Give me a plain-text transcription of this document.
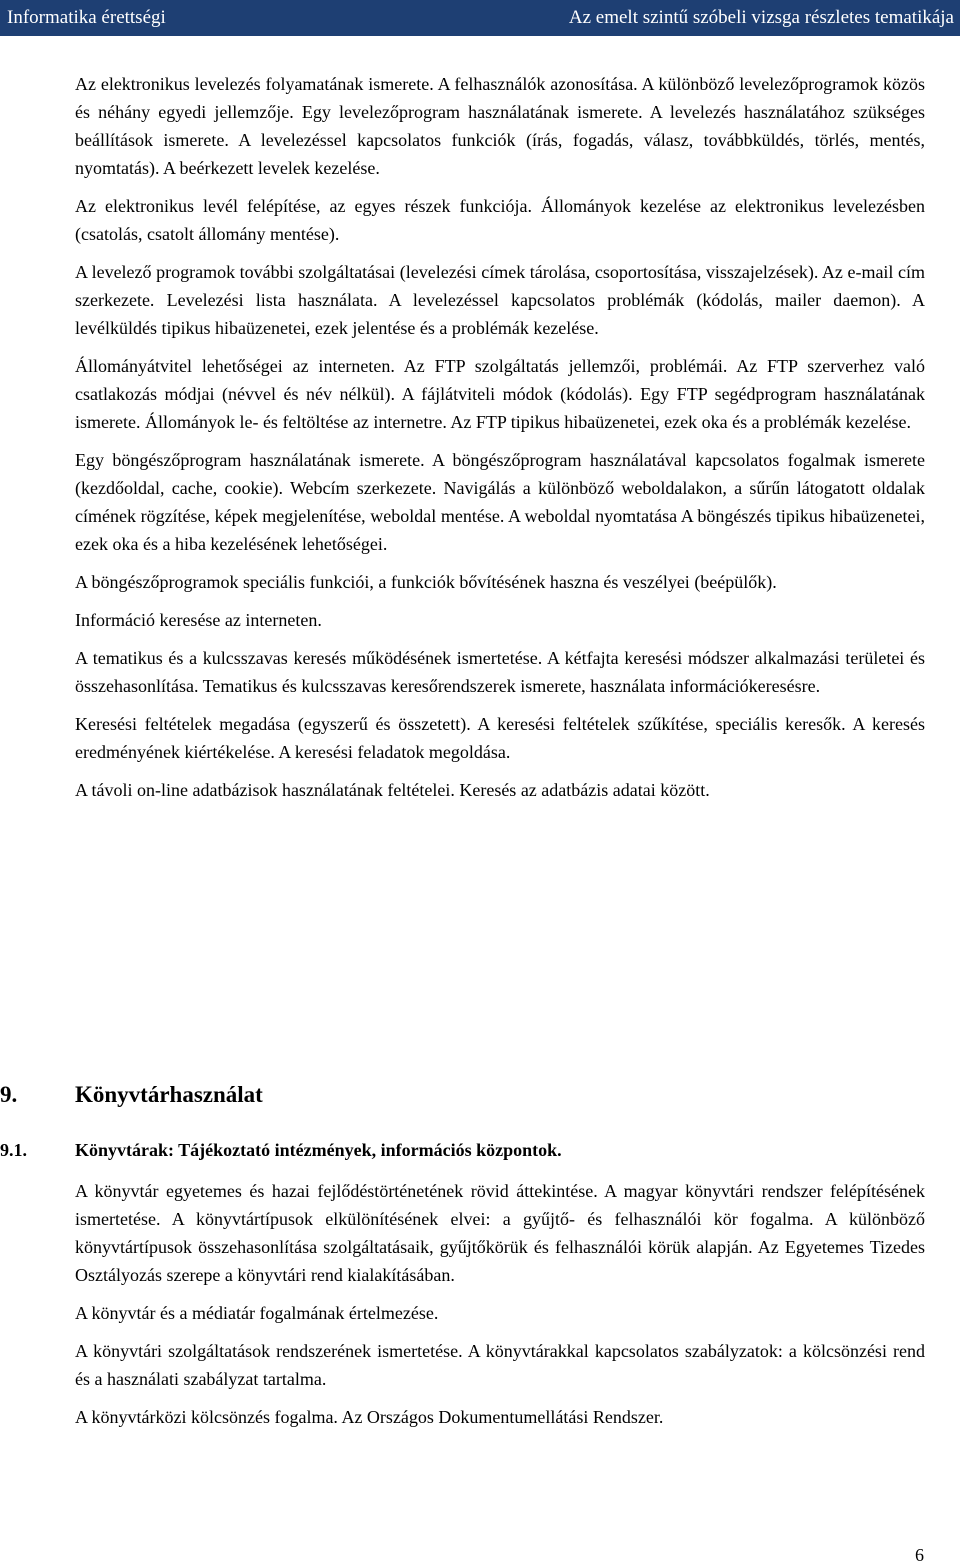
Informatika érettségi	Az emelt szintű szóbeli vizsga részletes tematikája

Az elektronikus levelezés folyamatának ismerete. A felhasználók azonosítása. A különböző levelezőprogramok közös és néhány egyedi jellemzője. Egy levelezőprogram használatának ismerete. A levelezés használatához szükséges beállítások ismerete. A levelezéssel kapcsolatos funkciók (írás, fogadás, válasz, továbbküldés, törlés, mentés, nyomtatás). A beérkezett levelek kezelése.

Az elektronikus levél felépítése, az egyes részek funkciója. Állományok kezelése az elektronikus levelezésben (csatolás, csatolt állomány mentése).

A levelező programok további szolgáltatásai (levelezési címek tárolása, csoportosítása, visszajelzések). Az e-mail cím szerkezete. Levelezési lista használata. A levelezéssel kapcsolatos problémák (kódolás, mailer daemon). A levélküldés tipikus hibaüzenetei, ezek jelentése és a problémák kezelése.

Állományátvitel lehetőségei az interneten. Az FTP szolgáltatás jellemzői, problémái. Az FTP szerverhez való csatlakozás módjai (névvel és név nélkül). A fájlátviteli módok (kódolás). Egy FTP segédprogram használatának ismerete. Állományok le- és feltöltése az internetre. Az FTP tipikus hibaüzenetei, ezek oka és a problémák kezelése.

Egy böngészőprogram használatának ismerete. A böngészőprogram használatával kapcsolatos fogalmak ismerete (kezdőoldal, cache, cookie). Webcím szerkezete. Navigálás a különböző weboldalakon, a sűrűn látogatott oldalak címének rögzítése, képek megjelenítése, weboldal mentése. A weboldal nyomtatása A böngészés tipikus hibaüzenetei, ezek oka és a hiba kezelésének lehetőségei.

A böngészőprogramok speciális funkciói, a funkciók bővítésének haszna és veszélyei (beépülők).

Információ keresése az interneten.

A tematikus és a kulcsszavas keresés működésének ismertetése. A kétfajta keresési módszer alkalmazási területei és összehasonlítása. Tematikus és kulcsszavas keresőrendszerek ismerete, használata információkeresésre.

Keresési feltételek megadása (egyszerű és összetett). A keresési feltételek szűkítése, speciális keresők. A keresés eredményének kiértékelése. A keresési feladatok megoldása.

A távoli on-line adatbázisok használatának feltételei. Keresés az adatbázis adatai között.

9.	Könyvtárhasználat
9.1.	Könyvtárak: Tájékoztató intézmények, információs központok.

A könyvtár egyetemes és hazai fejlődéstörténetének rövid áttekintése. A magyar könyvtári rendszer felépítésének ismertetése. A könyvtártípusok elkülönítésének elvei: a gyűjtő- és felhasználói kör fogalma. A különböző könyvtártípusok összehasonlítása szolgáltatásaik, gyűjtőkörük és felhasználói körük alapján. Az Egyetemes Tizedes Osztályozás szerepe a könyvtári rend kialakításában.

A könyvtár és a médiatár fogalmának értelmezése.

A könyvtári szolgáltatások rendszerének ismertetése. A könyvtárakkal kapcsolatos szabályzatok: a kölcsönzési rend és a használati szabályzat tartalma.

A könyvtárközi kölcsönzés fogalma. Az Országos Dokumentumellátási Rendszer.

6
